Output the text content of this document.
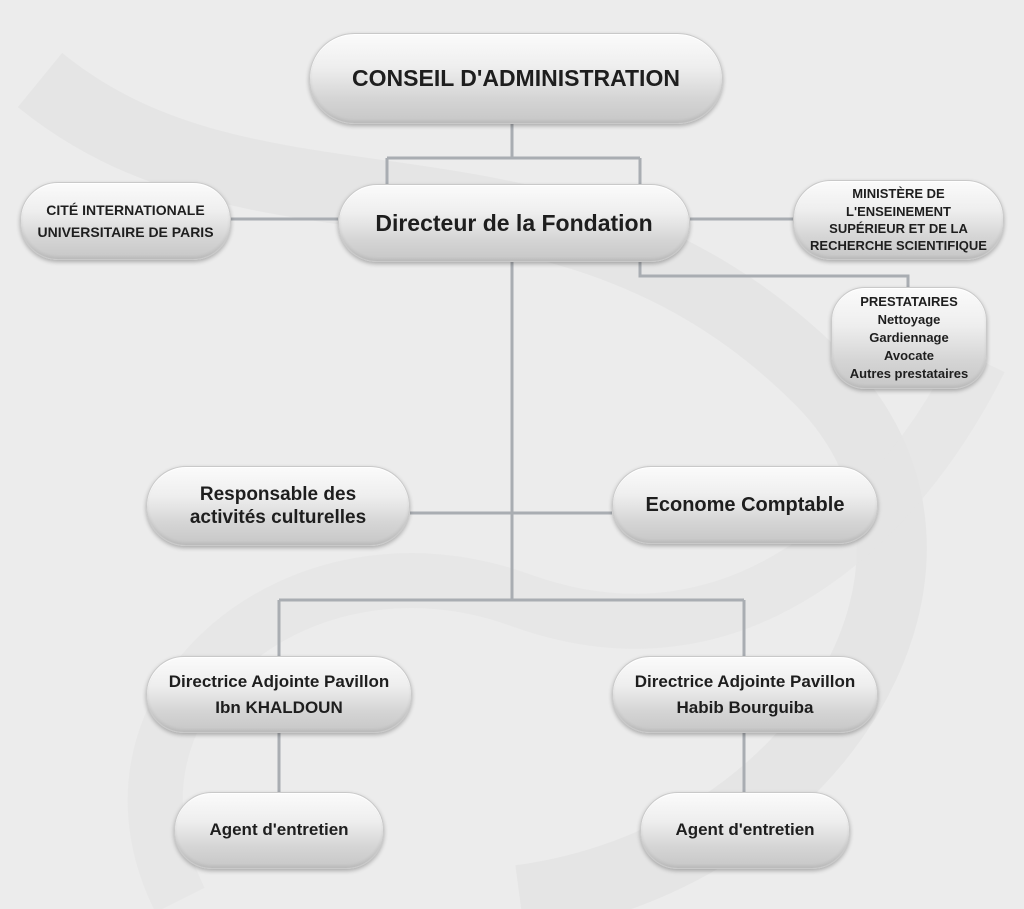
CONSEIL D'ADMINISTRATION
Directeur de la Fondation
CITÉ INTERNATIONALE
UNIVERSITAIRE DE PARIS
MINISTÈRE DE
L'ENSEINEMENT
SUPÉRIEUR ET DE LA
RECHERCHE SCIENTIFIQUE
PRESTATAIRES
Nettoyage
Gardiennage
Avocate
Autres prestataires
Responsable des
activités culturelles
Econome Comptable
Directrice Adjointe Pavillon
Ibn KHALDOUN
Directrice Adjointe Pavillon
Habib Bourguiba
Agent d'entretien	Agent d'entretien
